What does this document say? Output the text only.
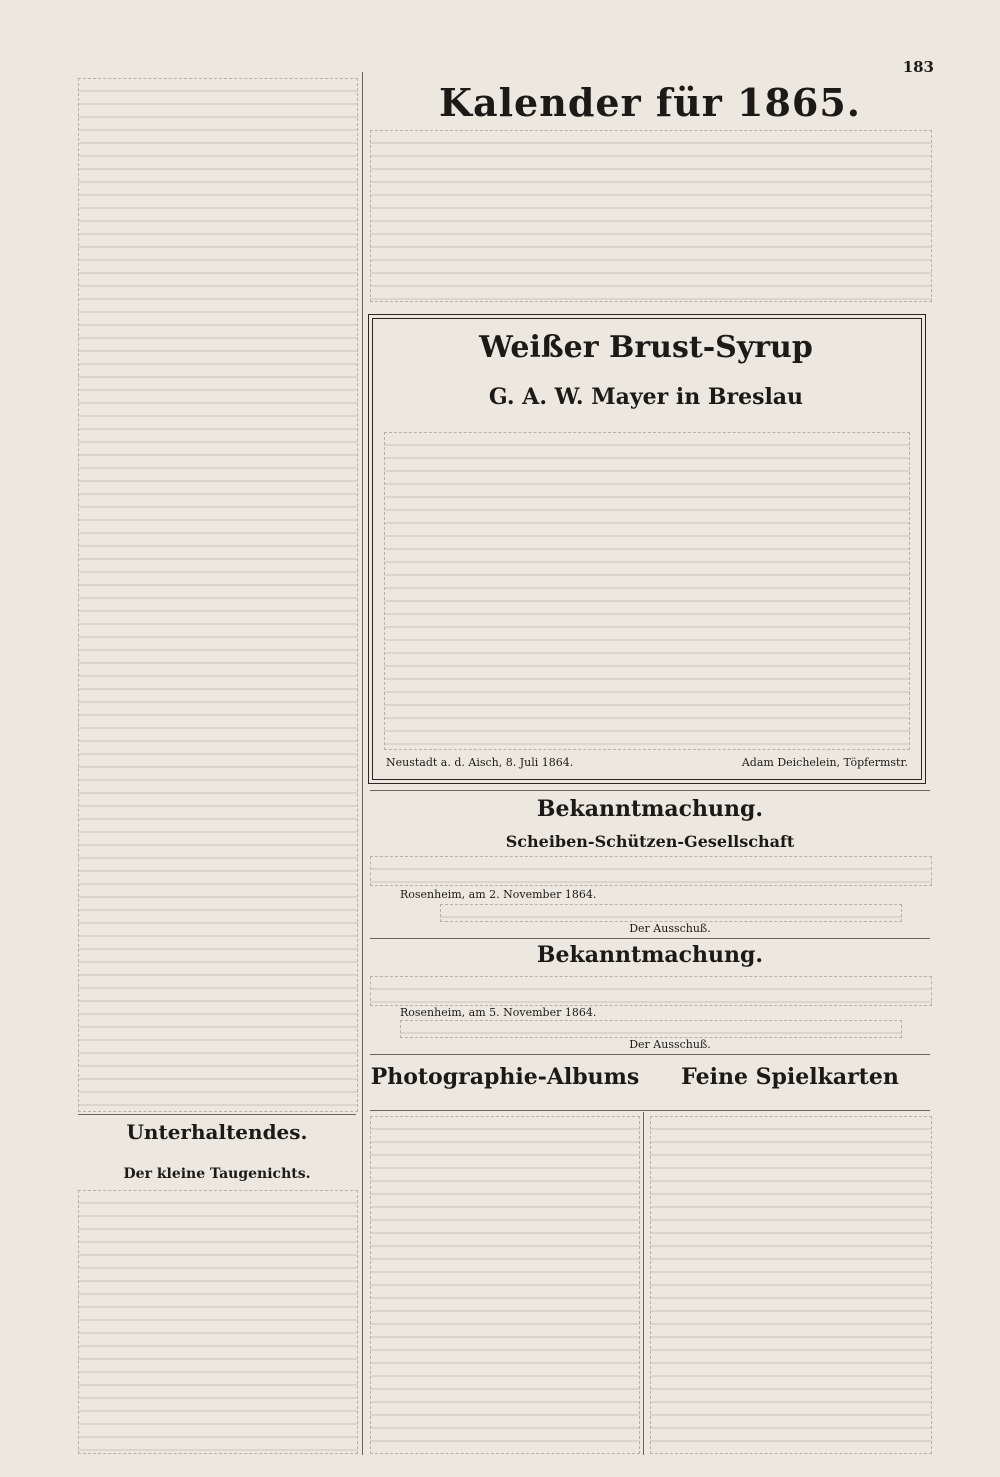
183
Unterhaltendes.
Der kleine Taugenichts.
Kalender für 1865.
Weißer Brust-Syrup
G. A. W. Mayer in Breslau
Neustadt a. d. Aisch, 8. Juli 1864.	Adam Deichelein, Töpfermstr.
Bekanntmachung.
Scheiben-Schützen-Gesellschaft
Rosenheim, am 2. November 1864.
Der Ausschuß.
Bekanntmachung.
Rosenheim, am 5. November 1864.
Der Ausschuß.
Photographie-Albums	Feine Spielkarten
